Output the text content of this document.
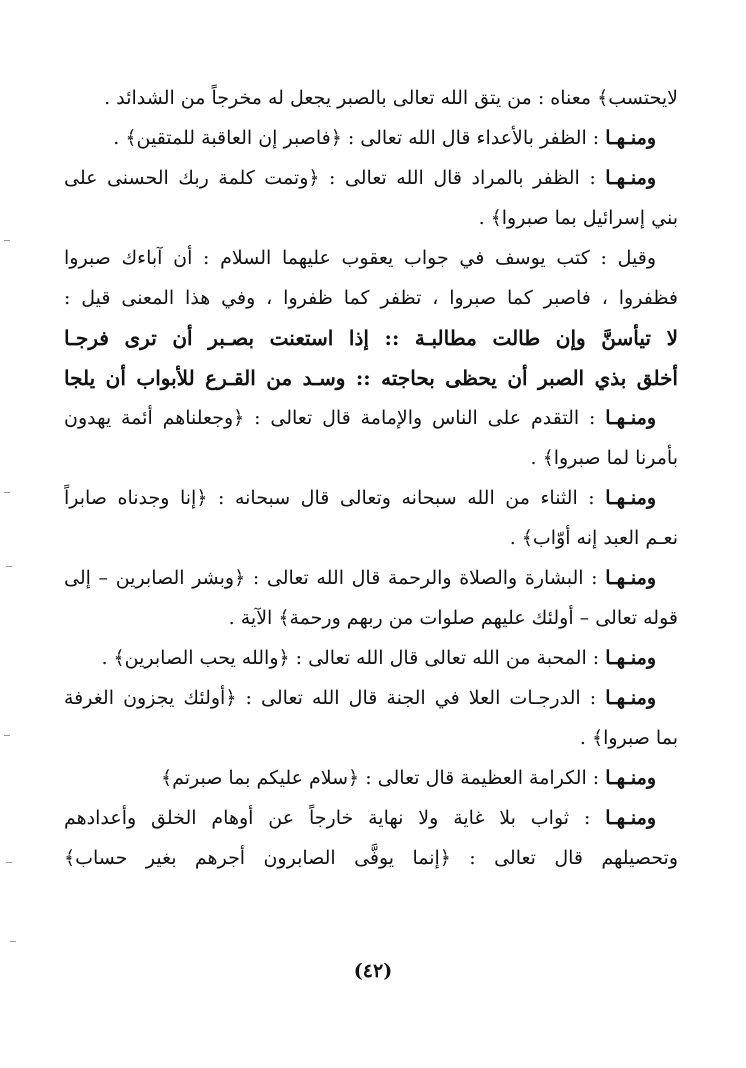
لايحتسب﴾ معناه : من يتق الله تعالى بالصبر يجعل له مخرجاً من الشدائد .
ومنـهـا : الظفر بالأعداء قال الله تعالى : ﴿فاصبر إن العاقبة للمتقين﴾ .
ومنـهـا : الظفر بالمراد قال الله تعالى : ﴿وتمت كلمة ربك الحسنى على
بني إسرائيل بما صبروا﴾ .
وقيل : كتب يوسف في جواب يعقوب عليهما السلام : أن آباءك صبروا
فظفروا ، فاصبر كما صبروا ، تظفر كما ظفروا ، وفي هذا المعنى قيل :
لا تيأسنَّ وإن طالت مطالبـة :: إذا استعنت بصـبر أن ترى فرجـا
أخلق بذي الصبر أن يحظى بحاجته :: وسـد من القـرع للأبواب أن يلجا
ومنـهـا : التقدم على الناس والإمامة قال تعالى : ﴿وجعلناهم أئمة يهدون
بأمرنا لما صبروا﴾ .
ومنـهـا : الثناء من الله سبحانه وتعالى قال سبحانه : ﴿إنا وجدناه صابراً
نعـم العبد إنه أوّاب﴾ .
ومنـهـا : البشارة والصلاة والرحمة قال الله تعالى : ﴿وبشر الصابرين – إلى
قوله تعالى – أولئك عليهم صلوات من ربهم ورحمة﴾ الآية .
ومنـهـا : المحبة من الله تعالى قال الله تعالى : ﴿والله يحب الصابرين﴾ .
ومنـهـا : الدرجـات العلا في الجنة قال الله تعالى : ﴿أولئك يجزون الغرفة
بما صبروا﴾ .
ومنـهـا : الكرامة العظيمة قال تعالى : ﴿سلام عليكم بما صبرتم﴾
ومنـهـا : ثواب بلا غاية ولا نهاية خارجاً عن أوهام الخلق وأعدادهم
وتحصيلهم قال تعالى : ﴿إنما يوفَّى الصابرون أجرهم بغير حساب﴾
(٤٢)
